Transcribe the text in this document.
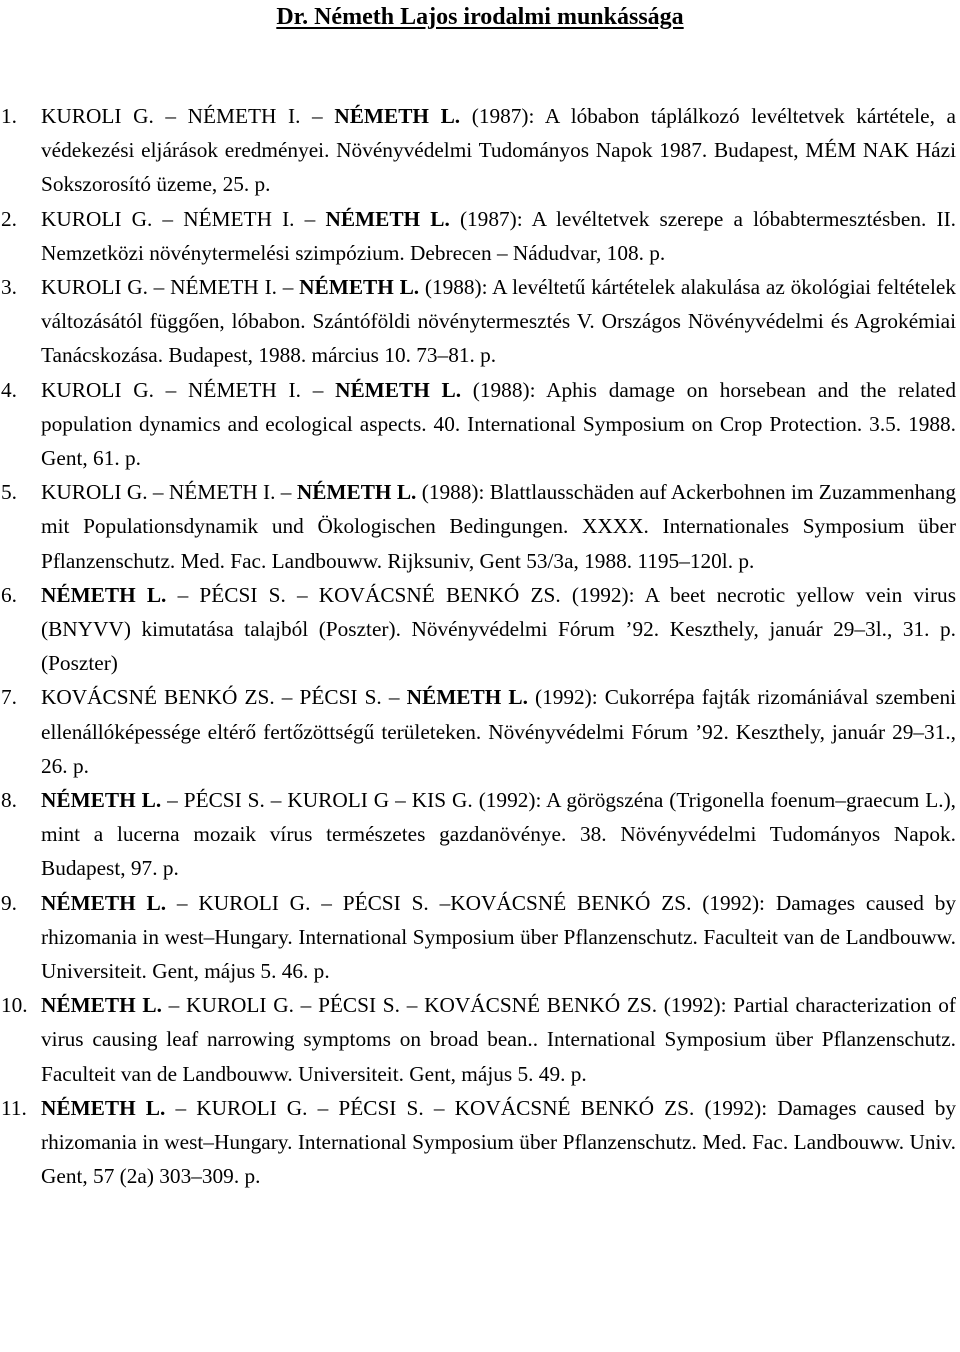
Dr. Németh Lajos irodalmi munkássága
1. KUROLI G. – NÉMETH I. – NÉMETH L. (1987): A lóbabon táplálkozó levéltetvek kártétele, a védekezési eljárások eredményei. Növényvédelmi Tudományos Napok 1987. Budapest, MÉM NAK Házi Sokszorosító üzeme, 25. p.
2. KUROLI G. – NÉMETH I. – NÉMETH L. (1987): A levéltetvek szerepe a lóbabtermesztésben. II. Nemzetközi növénytermelési szimpózium. Debrecen – Nádudvar, 108. p.
3. KUROLI G. – NÉMETH I. – NÉMETH L. (1988): A levéltetű kártételek alakulása az ökológiai feltételek változásától függően, lóbabon. Szántóföldi növénytermesztés V. Országos Növényvédelmi és Agrokémiai Tanácskozása. Budapest, 1988. március 10. 73–81. p.
4. KUROLI G. – NÉMETH I. – NÉMETH L. (1988): Aphis damage on horsebean and the related population dynamics and ecological aspects. 40. International Symposium on Crop Protection. 3.5. 1988. Gent, 61. p.
5. KUROLI G. – NÉMETH I. – NÉMETH L. (1988): Blattlausschäden auf Ackerbohnen im Zuzammenhang mit Populationsdynamik und Ökologischen Bedingungen. XXXX. Internationales Symposium über Pflanzenschutz. Med. Fac. Landbouww. Rijksuniv, Gent 53/3a, 1988. 1195–120l. p.
6. NÉMETH L. – PÉCSI S. – KOVÁCSNÉ BENKÓ ZS. (1992): A beet necrotic yellow vein virus (BNYVV) kimutatása talajból (Poszter). Növényvédelmi Fórum ’92. Keszthely, január 29–3l., 31. p. (Poszter)
7. KOVÁCSNÉ BENKÓ ZS. – PÉCSI S. – NÉMETH L. (1992): Cukorrépa fajták rizomániával szembeni ellenállóképessége eltérő fertőzöttségű területeken. Növényvédelmi Fórum ’92. Keszthely, január 29–31., 26. p.
8. NÉMETH L. – PÉCSI S. – KUROLI G – KIS G. (1992): A görögszéna (Trigonella foenum–graecum L.), mint a lucerna mozaik vírus természetes gazdanövénye. 38. Növényvédelmi Tudományos Napok. Budapest, 97. p.
9. NÉMETH L. – KUROLI G. – PÉCSI S. –KOVÁCSNÉ BENKÓ ZS. (1992): Damages caused by rhizomania in west–Hungary. International Symposium über Pflanzenschutz. Faculteit van de Landbouww. Universiteit. Gent, május 5. 46. p.
10. NÉMETH L. – KUROLI G. – PÉCSI S. – KOVÁCSNÉ BENKÓ ZS. (1992): Partial characterization of virus causing leaf narrowing symptoms on broad bean.. International Symposium über Pflanzenschutz. Faculteit van de Landbouww. Universiteit. Gent, május 5. 49. p.
11. NÉMETH L. – KUROLI G. – PÉCSI S. – KOVÁCSNÉ BENKÓ ZS. (1992): Damages caused by rhizomania in west–Hungary. International Symposium über Pflanzenschutz. Med. Fac. Landbouww. Univ. Gent, 57 (2a) 303–309. p.
